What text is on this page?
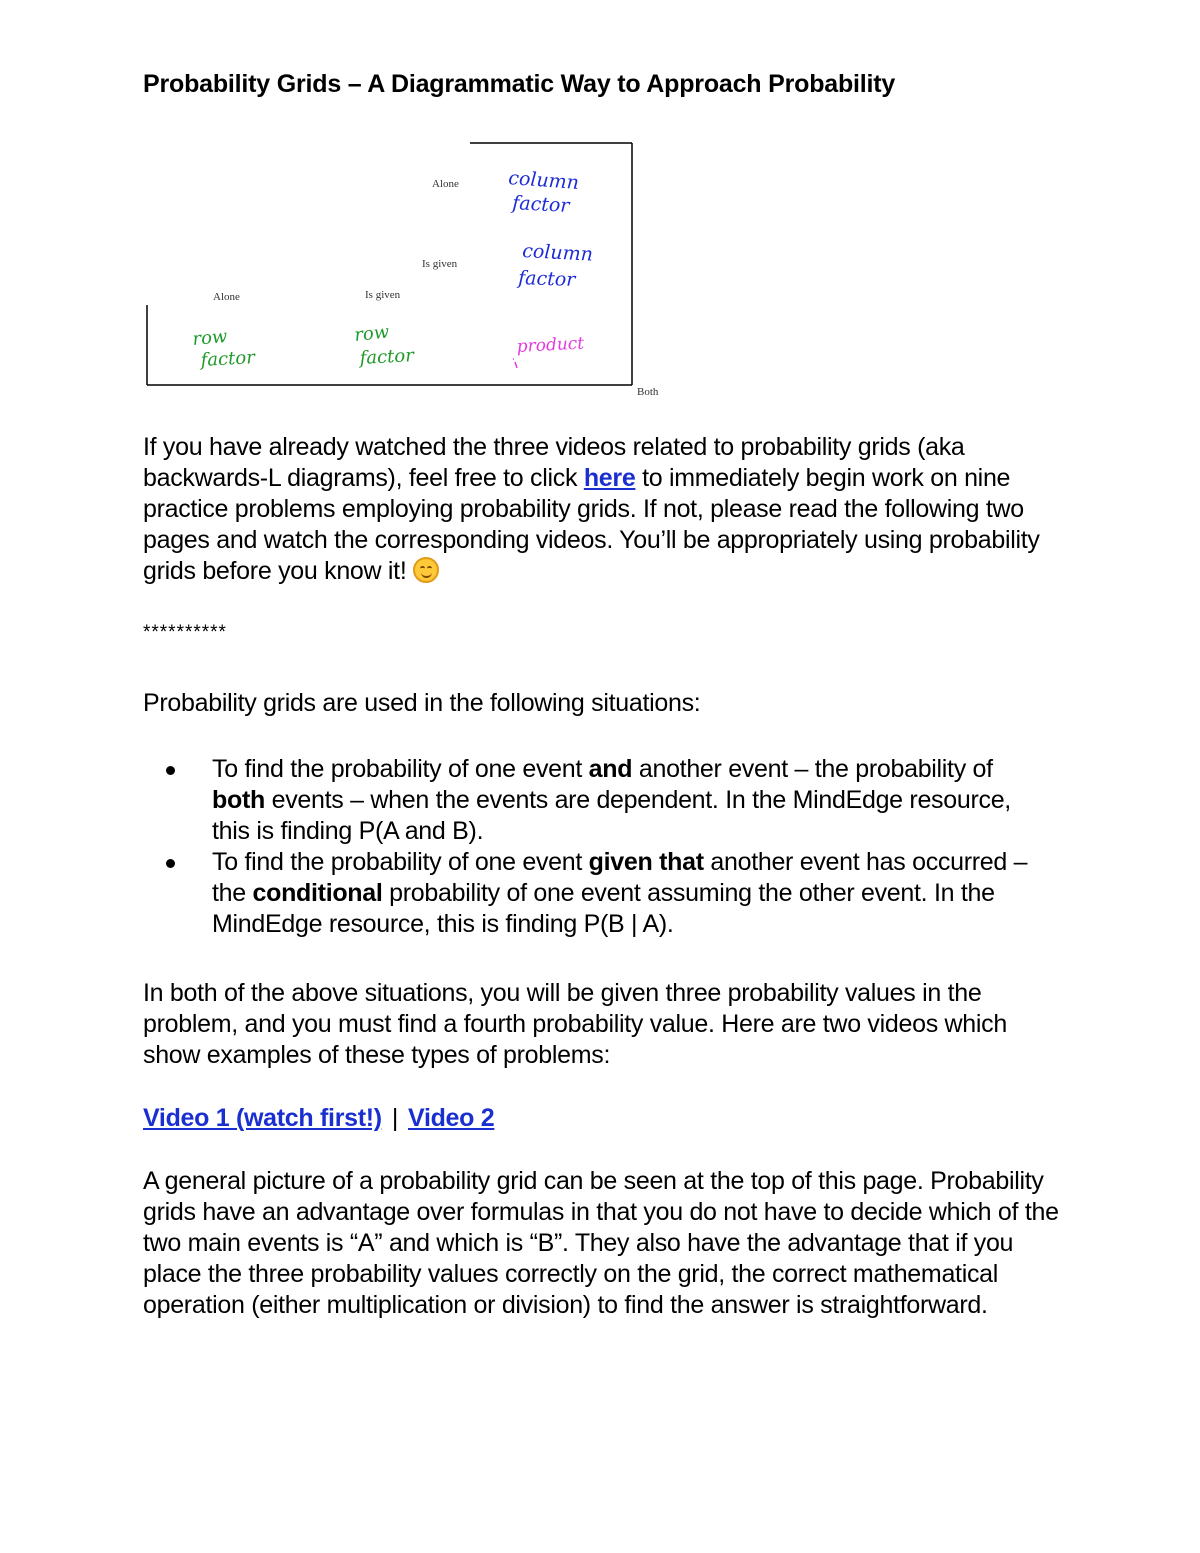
Probability Grids – A Diagrammatic Way to Approach Probability
Alone
Is given
Alone	Is given
Both
column
factor
column
factor
row
factor
row
factor	product

If you have already watched the three videos related to probability grids (aka backwards-L diagrams), feel free to click here to immediately begin work on nine practice problems employing probability grids. If not, please read the following two pages and watch the corresponding videos. You’ll be appropriately using probability grids before you know it!

**********
Probability grids are used in the following situations:
To find the probability of one event and another event – the probability of both events – when the events are dependent. In the MindEdge resource, this is finding P(A and B).
To find the probability of one event given that another event has occurred – the conditional probability of one event assuming the other event. In the MindEdge resource, this is finding P(B | A).
In both of the above situations, you will be given three probability values in the problem, and you must find a fourth probability value. Here are two videos which show examples of these types of problems:
Video 1 (watch first!) | Video 2
A general picture of a probability grid can be seen at the top of this page. Probability grids have an advantage over formulas in that you do not have to decide which of the two main events is “A” and which is “B”. They also have the advantage that if you place the three probability values correctly on the grid, the correct mathematical operation (either multiplication or division) to find the answer is straightforward.
